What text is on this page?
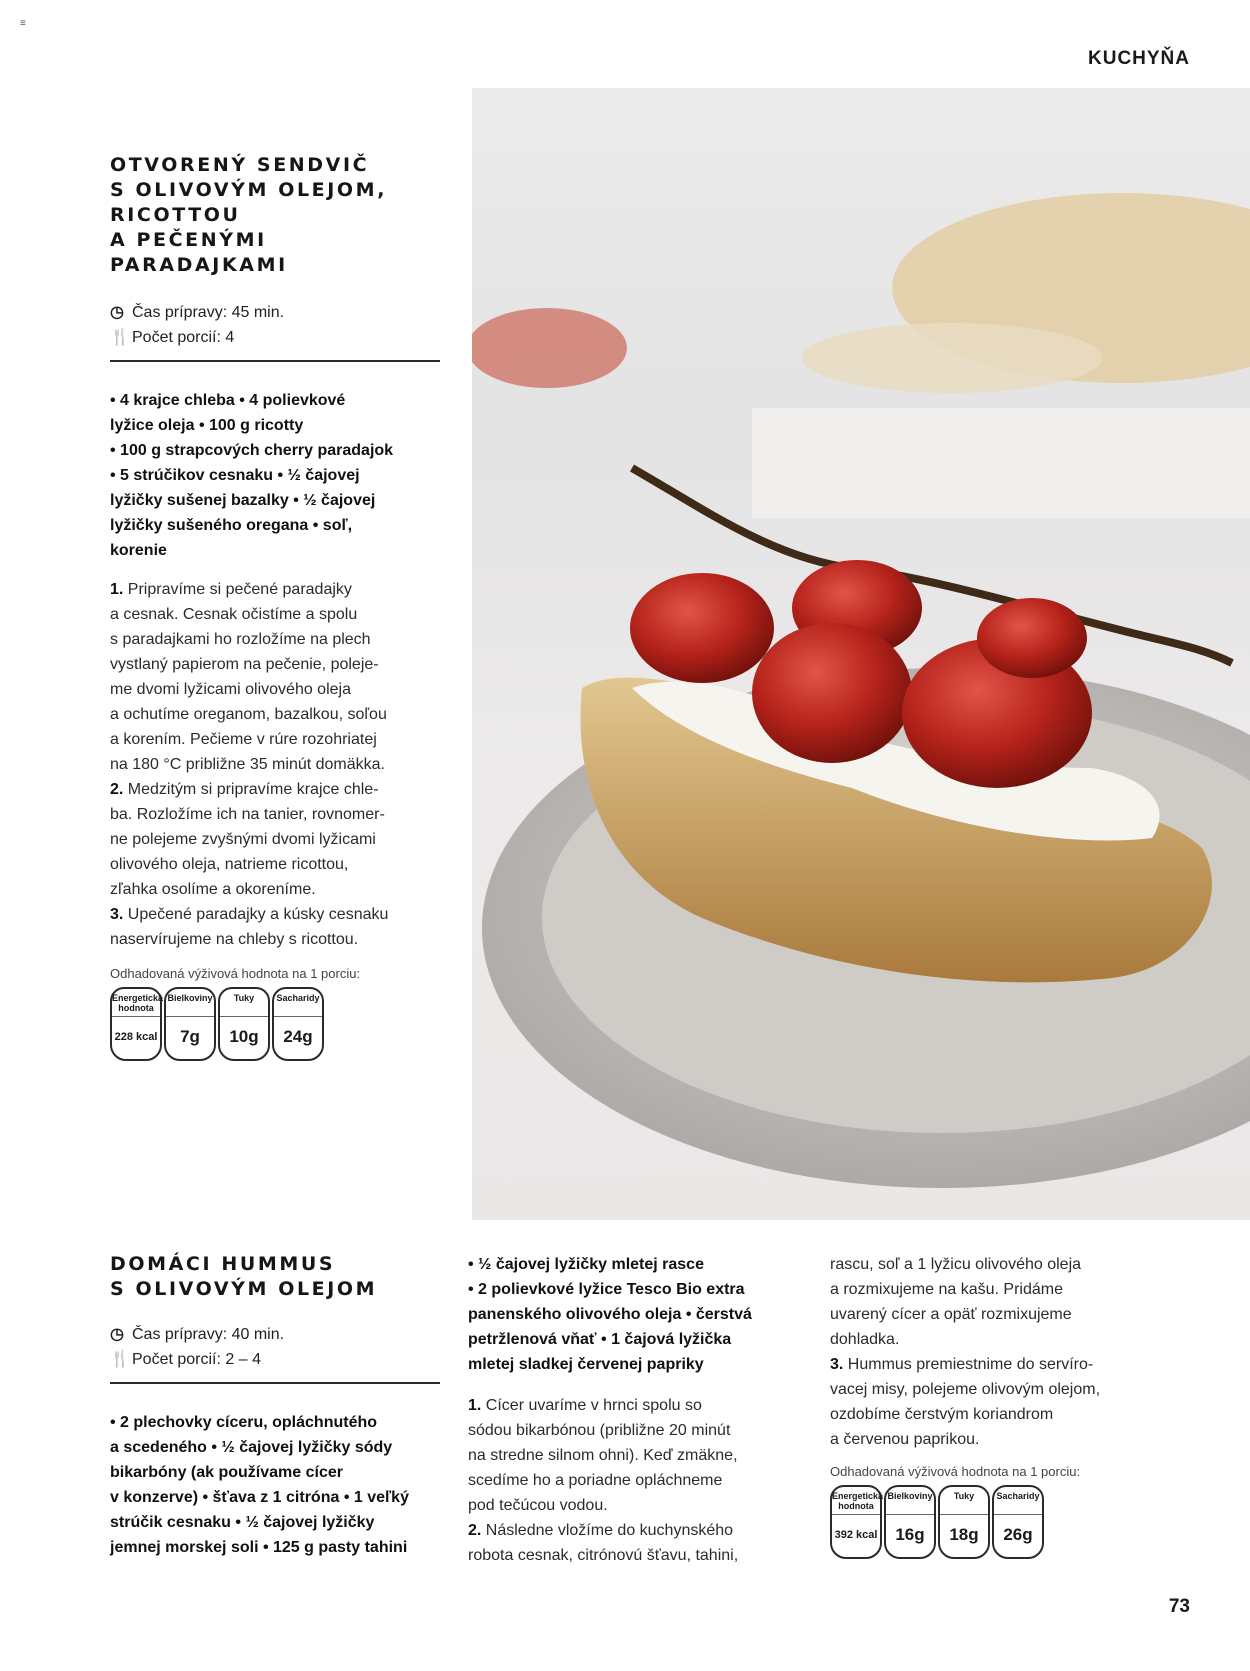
≡
KUCHYŇA
OTVORENÝ SENDVIČ
S OLIVOVÝM OLEJOM,
RICOTTOU
A PEČENÝMI PARADAJKAMI
◷ Čas prípravy: 45 min.
🍴 Počet porcií: 4
• 4 krajce chleba • 4 polievkové
lyžice oleja • 100 g ricotty
• 100 g strapcových cherry paradajok
• 5 strúčikov cesnaku • ½ čajovej
lyžičky sušenej bazalky • ½ čajovej
lyžičky sušeného oregana • soľ,
korenie
1. Pripravíme si pečené paradajky
a cesnak. Cesnak očistíme a spolu
s paradajkami ho rozložíme na plech
vystlaný papierom na pečenie, poleje-
me dvomi lyžicami olivového oleja
a ochutíme oreganom, bazalkou, soľou
a korením. Pečieme v rúre rozohriatej
na 180 °C približne 35 minút domäkka.
2. Medzitým si pripravíme krajce chle-
ba. Rozložíme ich na tanier, rovnomer-
ne polejeme zvyšnými dvomi lyžicami
olivového oleja, natrieme ricottou,
zľahka osolíme a okoreníme.
3. Upečené paradajky a kúsky cesnaku
naservírujeme na chleby s ricottou.
Odhadovaná výživová hodnota na 1 porciu:
Energetická hodnota
228 kcal
Bielkoviny
7g
Tuky
10g
Sacharidy
24g
DOMÁCI HUMMUS
S OLIVOVÝM OLEJOM
◷ Čas prípravy: 40 min.
🍴 Počet porcií: 2 – 4
• 2 plechovky cíceru, opláchnutého
a scedeného • ½ čajovej lyžičky sódy
bikarbóny (ak používame cícer
v konzerve) • šťava z 1 citróna • 1 veľký
strúčik cesnaku • ½ čajovej lyžičky
jemnej morskej soli • 125 g pasty tahini
• ½ čajovej lyžičky mletej rasce
• 2 polievkové lyžice Tesco Bio extra
panenského olivového oleja • čerstvá
petržlenová vňať • 1 čajová lyžička
mletej sladkej červenej papriky
1. Cícer uvaríme v hrnci spolu so
sódou bikarbónou (približne 20 minút
na stredne silnom ohni). Keď zmäkne,
scedíme ho a poriadne opláchneme
pod tečúcou vodou.
2. Následne vložíme do kuchynského
robota cesnak, citrónovú šťavu, tahini,
rascu, soľ a 1 lyžicu olivového oleja
a rozmixujeme na kašu. Pridáme
uvarený cícer a opäť rozmixujeme
dohladka.
3. Hummus premiestnime do servíro-
vacej misy, polejeme olivovým olejom,
ozdobíme čerstvým koriandrom
a červenou paprikou.
Odhadovaná výživová hodnota na 1 porciu:
Energetická hodnota
392 kcal
Bielkoviny
16g
Tuky
18g
Sacharidy
26g
73
